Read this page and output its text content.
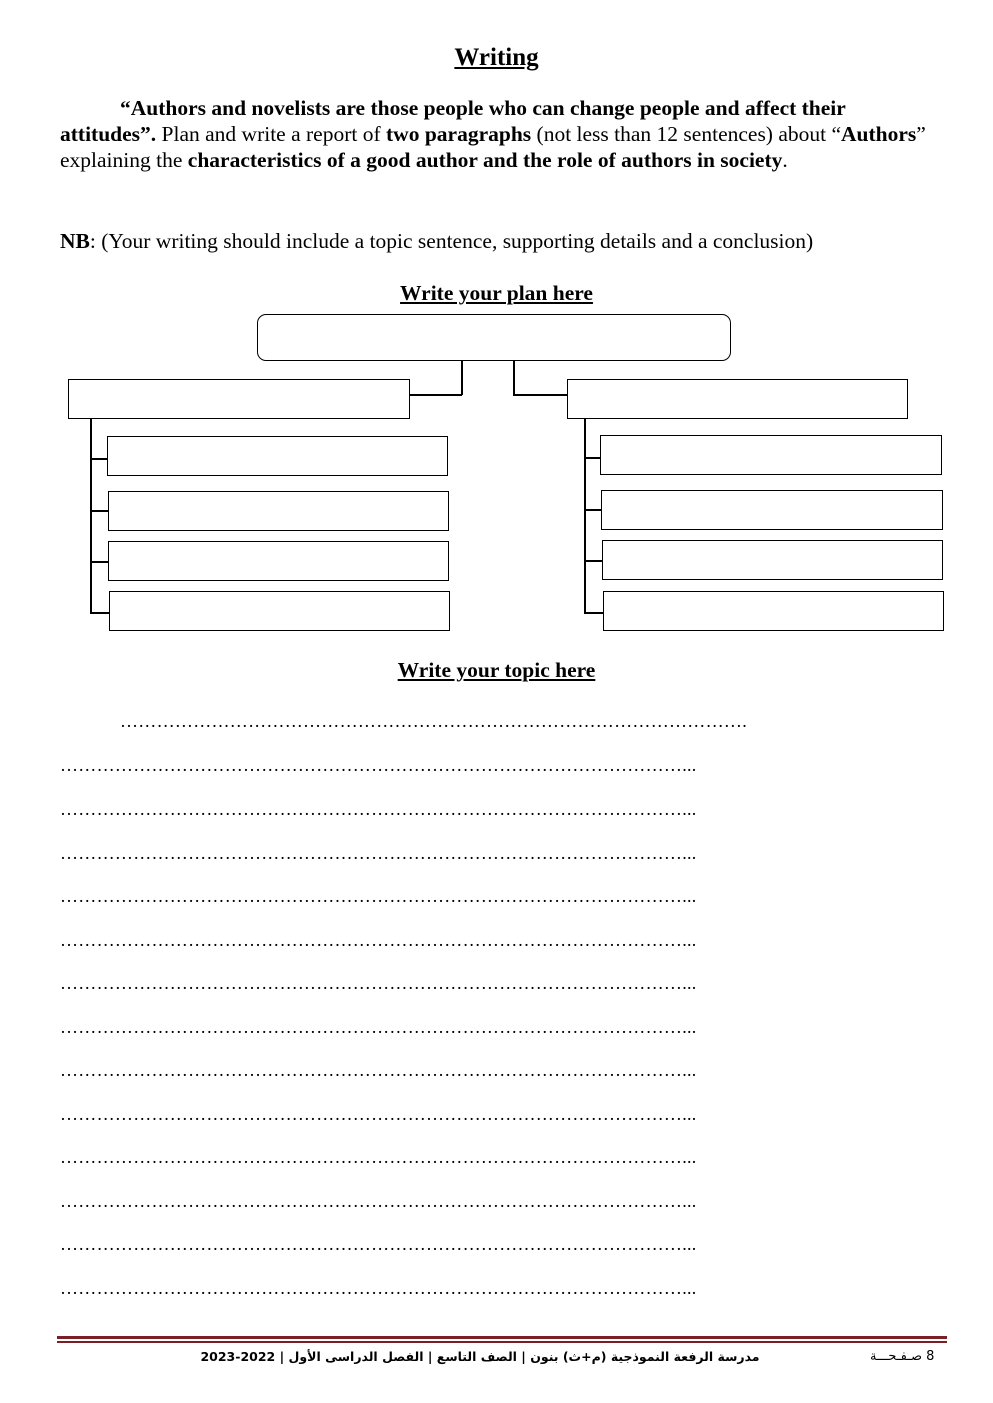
Writing
“Authors and novelists are those people who can change people and affect their attitudes”. Plan and write a report of two paragraphs (not less than 12 sentences) about “Authors” explaining the characteristics of a good author and the role of authors in society.
NB: (Your writing should include a topic sentence, supporting details and a conclusion)
Write your plan here
Write your topic here
………………………………………………………………………………………….
…………………………………………………………………………………………...
…………………………………………………………………………………………...
…………………………………………………………………………………………...
…………………………………………………………………………………………...
…………………………………………………………………………………………...
…………………………………………………………………………………………...
…………………………………………………………………………………………...
…………………………………………………………………………………………...
…………………………………………………………………………………………...
…………………………………………………………………………………………...
…………………………………………………………………………………………...
…………………………………………………………………………………………...
…………………………………………………………………………………………...
مدرسة الرفعة النموذجية (م+ث) بنون | الصف التاسع | الفصل الدراسى الأول | 2022-2023	8 صـفـحـــة
